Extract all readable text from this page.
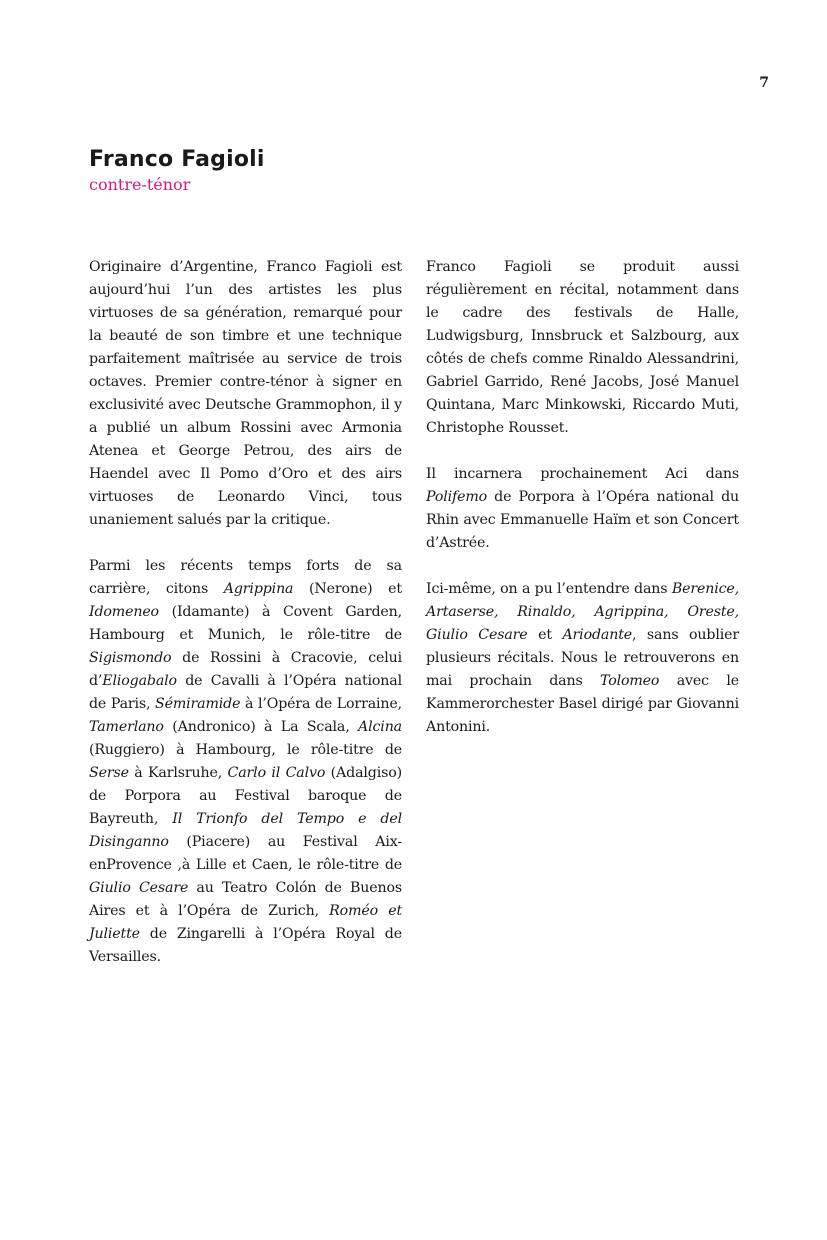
7
Franco Fagioli

contre-ténor

Originaire d’Argentine, Franco Fagioli est aujourd’hui l’un des artistes les plus virtuoses de sa génération, remarqué pour la beauté de son timbre et une technique parfaitement maîtrisée au service de trois octaves. Premier contre-ténor à signer en exclusivité avec Deutsche Grammophon, il y a publié un album Rossini avec Armonia Atenea et George Petrou, des airs de Haendel avec Il Pomo d’Oro et des airs virtuoses de Leonardo Vinci, tous unaniement salués par la critique.

Parmi les récents temps forts de sa carrière, citons Agrippina (Nerone) et Idomeneo (Idamante) à Covent Garden, Hambourg et Munich, le rôle-titre de Sigismondo de Rossini à Cracovie, celui d’Eliogabalo de Cavalli à l’Opéra national de Paris, Sémiramide à l’Opéra de Lorraine, Tamerlano (Andronico) à La Scala, Alcina (Ruggiero) à Hambourg, le rôle-titre de Serse à Karlsruhe, Carlo il Calvo (Adalgiso) de Porpora au Festival baroque de Bayreuth, Il Trionfo del Tempo e del Disinganno (Piacere) au Festival Aix-enProvence ,à Lille et Caen, le rôle-titre de Giulio Cesare au Teatro Colón de Buenos Aires et à l’Opéra de Zurich, Roméo et Juliette de Zingarelli à l’Opéra Royal de Versailles.

Franco Fagioli se produit aussi régulièrement en récital, notamment dans le cadre des festivals de Halle, Ludwigsburg, Innsbruck et Salzbourg, aux côtés de chefs comme Rinaldo Alessandrini, Gabriel Garrido, René Jacobs, José Manuel Quintana, Marc Minkowski, Riccardo Muti, Christophe Rousset.

Il incarnera prochainement Aci dans Polifemo de Porpora à l’Opéra national du Rhin avec Emmanuelle Haïm et son Concert d’Astrée.

Ici-même, on a pu l’entendre dans Berenice, Artaserse, Rinaldo, Agrippina, Oreste, Giulio Cesare et Ariodante, sans oublier plusieurs récitals. Nous le retrouverons en mai prochain dans Tolomeo avec le Kammerorchester Basel dirigé par Giovanni Antonini.
